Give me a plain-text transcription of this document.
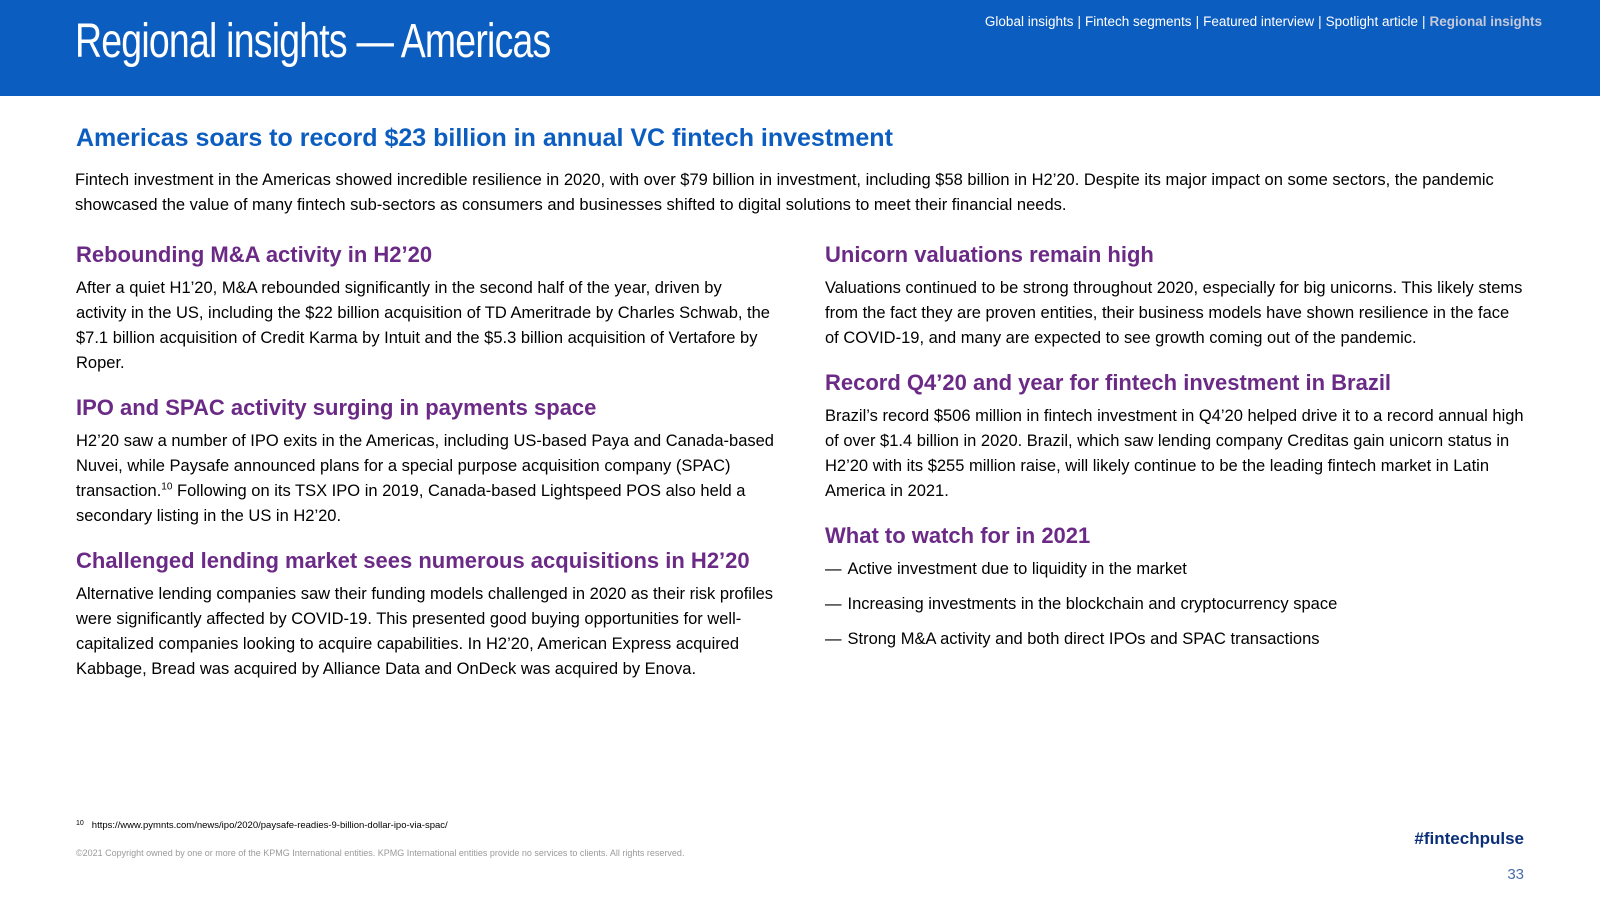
Regional insights — Americas	Global insights | Fintech segments | Featured interview | Spotlight article | Regional insights
Americas soars to record $23 billion in annual VC fintech investment

Fintech investment in the Americas showed incredible resilience in 2020, with over $79 billion in investment, including $58 billion in H2’20. Despite its major impact on some sectors, the pandemic showcased the value of many fintech sub-sectors as consumers and businesses shifted to digital solutions to meet their financial needs.

Rebounding M&A activity in H2’20

After a quiet H1’20, M&A rebounded significantly in the second half of the year, driven by activity in the US, including the $22 billion acquisition of TD Ameritrade by Charles Schwab, the $7.1 billion acquisition of Credit Karma by Intuit and the $5.3 billion acquisition of Vertafore by Roper.

IPO and SPAC activity surging in payments space

H2’20 saw a number of IPO exits in the Americas, including US-based Paya and Canada-based Nuvei, while Paysafe announced plans for a special purpose acquisition company (SPAC) transaction.$^{10}$ Following on its TSX IPO in 2019, Canada-based Lightspeed POS also held a secondary listing in the US in H2’20.

Challenged lending market sees numerous acquisitions in H2’20

Alternative lending companies saw their funding models challenged in 2020 as their risk profiles were significantly affected by COVID-19. This presented good buying opportunities for well-capitalized companies looking to acquire capabilities. In H2’20, American Express acquired Kabbage, Bread was acquired by Alliance Data and OnDeck was acquired by Enova.

Unicorn valuations remain high

Valuations continued to be strong throughout 2020, especially for big unicorns. This likely stems from the fact they are proven entities, their business models have shown resilience in the face of COVID-19, and many are expected to see growth coming out of the pandemic.

Record Q4’20 and year for fintech investment in Brazil

Brazil’s record $506 million in fintech investment in Q4’20 helped drive it to a record annual high of over $1.4 billion in 2020. Brazil, which saw lending company Creditas gain unicorn status in H2’20 with its $255 million raise, will likely continue to be the leading fintech market in Latin America in 2021.

What to watch for in 2021
— Active investment due to liquidity in the market
— Increasing investments in the blockchain and cryptocurrency space
— Strong M&A activity and both direct IPOs and SPAC transactions
$^{10}$ https://www.pymnts.com/news/ipo/2020/paysafe-readies-9-billion-dollar-ipo-via-spac/
©2021 Copyright owned by one or more of the KPMG International entities. KPMG International entities provide no services to clients. All rights reserved.
#fintechpulse
33
